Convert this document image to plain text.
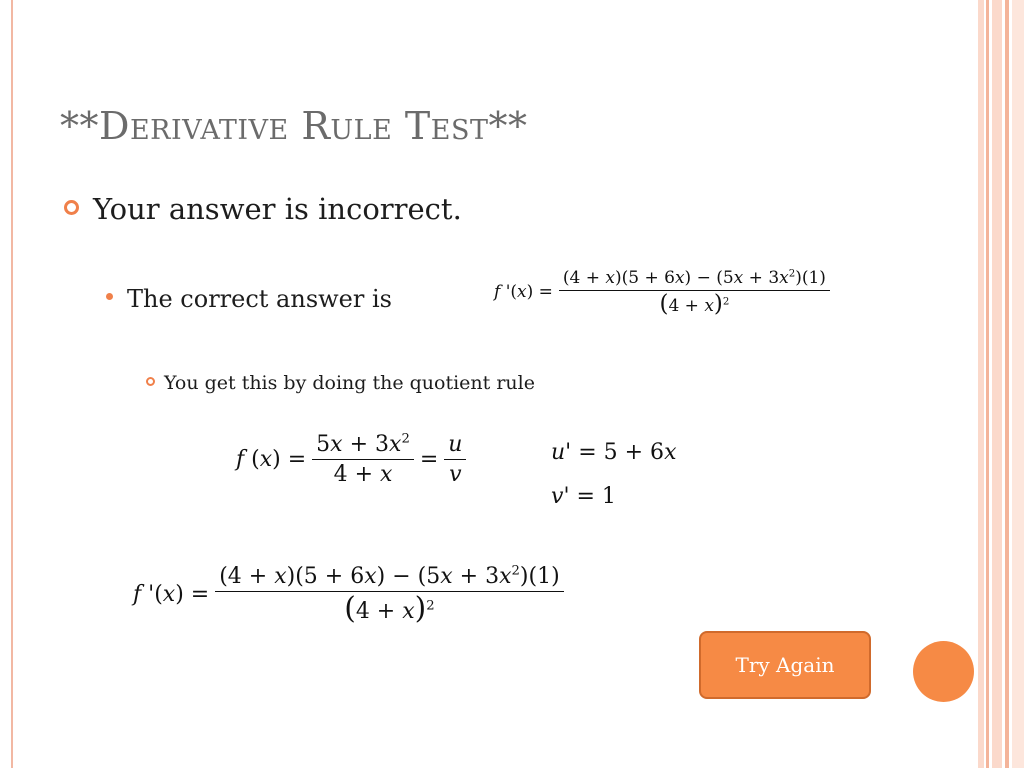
**Derivative Rule Test**
Your answer is incorrect.
The correct answer is	f '$(x) = \frac{(4 + x)(5 + 6x) - (5x + 3x^2)(1)}{(4 + x)^2}$
You get this by doing the quotient rule
f $(x) = \frac{5x + 3x^2}{4 + x} = \frac{u}{v}$	u' = 5 + 6x
v' = 1
f '$(x) = \frac{(4 + x)(5 + 6x) - (5x + 3x^2)(1)}{(4 + x)^2}$
Try Again
